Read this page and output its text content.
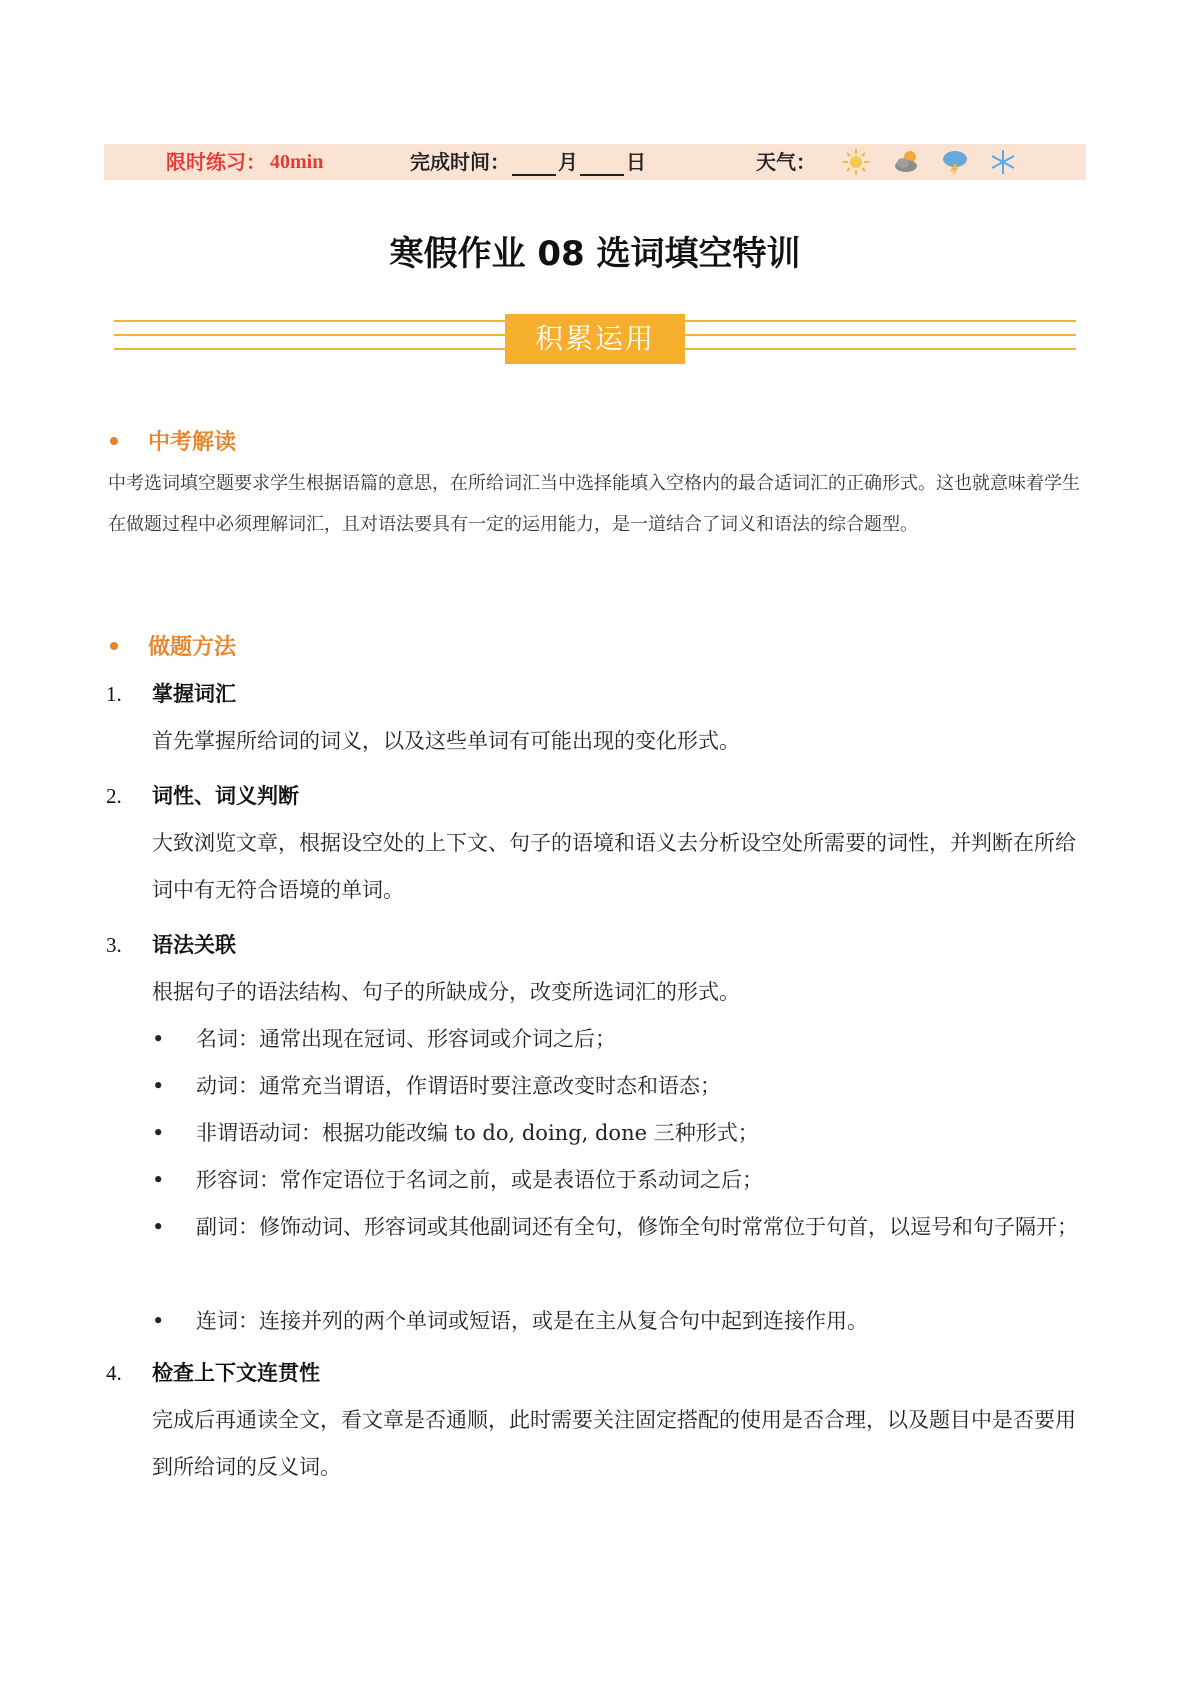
限时练习： 40min	完成时间： 月 日	天气：
寒假作业 08 选词填空特训
积累运用
中考解读
中考选词填空题要求学生根据语篇的意思，在所给词汇当中选择能填入空格内的最合适词汇的正确形式。这也就意味着学生在做题过程中必须理解词汇，且对语法要具有一定的运用能力，是一道结合了词义和语法的综合题型。
做题方法
1. 掌握词汇
首先掌握所给词的词义，以及这些单词有可能出现的变化形式。
2. 词性、词义判断
大致浏览文章，根据设空处的上下文、句子的语境和语义去分析设空处所需要的词性，并判断在所给词中有无符合语境的单词。
3. 语法关联
根据句子的语法结构、句子的所缺成分，改变所选词汇的形式。
• 名词：通常出现在冠词、形容词或介词之后；
• 动词：通常充当谓语，作谓语时要注意改变时态和语态；
• 非谓语动词：根据功能改编 to do, doing, done 三种形式；
• 形容词：常作定语位于名词之前，或是表语位于系动词之后；
• 副词：修饰动词、形容词或其他副词还有全句，修饰全句时常常位于句首，以逗号和句子隔开；
• 连词：连接并列的两个单词或短语，或是在主从复合句中起到连接作用。
4. 检查上下文连贯性
完成后再通读全文，看文章是否通顺，此时需要关注固定搭配的使用是否合理，以及题目中是否要用到所给词的反义词。
